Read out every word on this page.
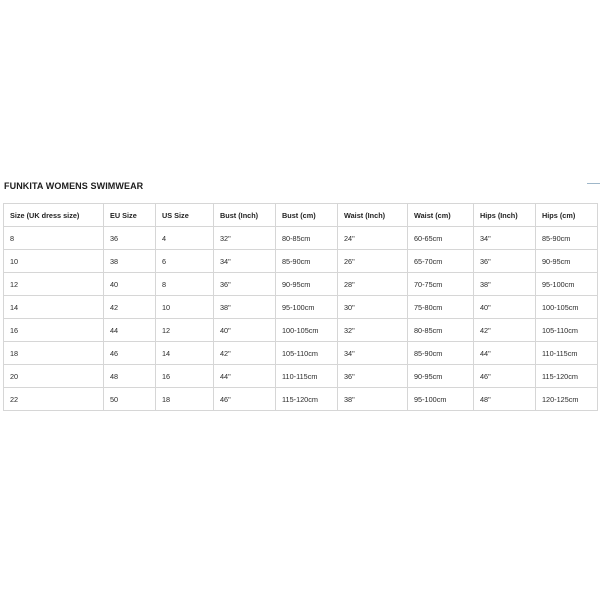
FUNKITA WOMENS SWIMWEAR
Size (UK dress size)	EU Size	US Size	Bust (Inch)	Bust (cm)	Waist (Inch)	Waist (cm)	Hips (Inch)	Hips (cm)
8	36	4	32"	80-85cm	24"	60-65cm	34"	85-90cm
10	38	6	34"	85-90cm	26"	65-70cm	36"	90-95cm
12	40	8	36"	90-95cm	28"	70-75cm	38"	95-100cm
14	42	10	38"	95-100cm	30"	75-80cm	40"	100-105cm
16	44	12	40"	100-105cm	32"	80-85cm	42"	105-110cm
18	46	14	42"	105-110cm	34"	85-90cm	44"	110-115cm
20	48	16	44"	110-115cm	36"	90-95cm	46"	115-120cm
22	50	18	46"	115-120cm	38"	95-100cm	48"	120-125cm
